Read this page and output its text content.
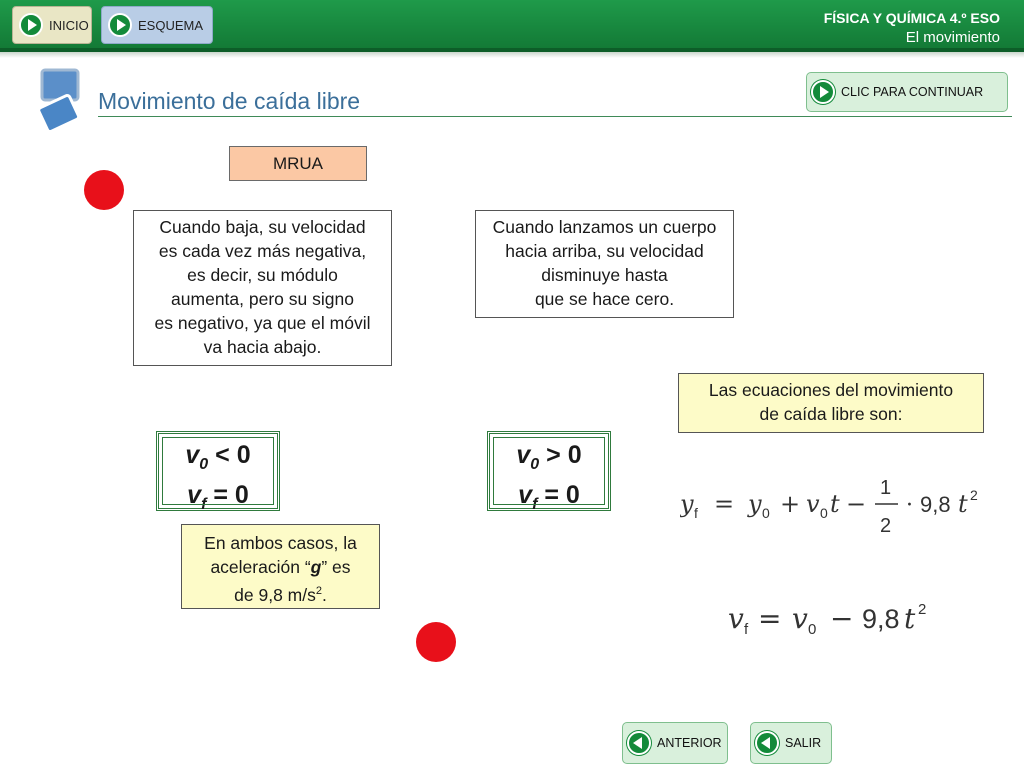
INICIO	ESQUEMA	FÍSICA Y QUÍMICA 4.º ESO
El movimiento
Movimiento de caída libre	CLIC PARA CONTINUAR
MRUA
Cuando baja, su velocidad
es cada vez más negativa,
es decir, su módulo
aumenta, pero su signo
es negativo, ya que el móvil
va hacia abajo.
Cuando lanzamos un cuerpo
hacia arriba, su velocidad
disminuye hasta
que se hace cero.
$v_0 < 0$
$v_f = 0$
$v_0 > 0$
$v_f = 0$
En ambos casos, la
aceleración “g” es
de 9,8 $m/s^2$.
Las ecuaciones del movimiento
de caída libre son:
y f = y 0 + v 0 t −
1
2
· 9,8 t 2
v f = v 0 − 9,8 t 2
ANTERIOR	SALIR
